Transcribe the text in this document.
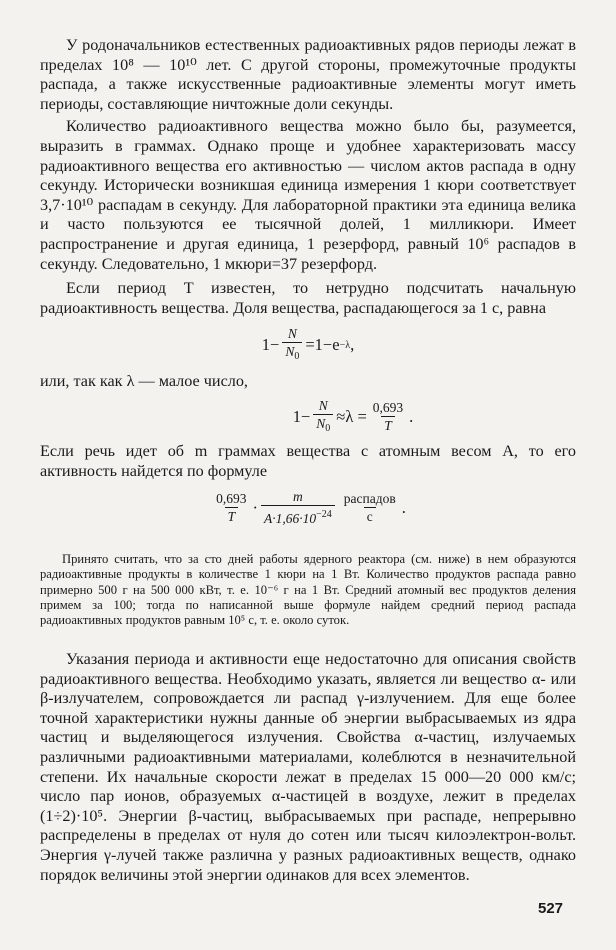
У родоначальников естественных радиоактивных рядов периоды лежат в пределах 10⁸ — 10¹⁰ лет. С другой стороны, промежуточные продукты распада, а также искусственные радиоактивные элементы могут иметь периоды, составляющие ничтожные доли секунды.

Количество радиоактивного вещества можно было бы, разумеется, выразить в граммах. Однако проще и удобнее характеризовать массу радиоактивного вещества его активностью — числом актов распада в одну секунду. Исторически возникшая единица измерения 1 кюри соответствует 3,7·10¹⁰ распадам в секунду. Для лабораторной практики эта единица велика и часто пользуются ее тысячной долей, 1 милликюри. Имеет распространение и другая единица, 1 резерфорд, равный 10⁶ распадов в секунду. Следовательно, 1 мкюри=37 резерфорд.

Если период T известен, то нетрудно подсчитать начальную радиоактивность вещества. Доля вещества, распадающегося за 1 с, равна

$1 - \frac{N}{N_0} =1-e -\lambda$ ,

или, так как λ — малое число,

$1 - \frac{N}{N_0} \approx\lambda = \frac{0,693}{T}$ .

Если речь идет об m граммах вещества с атомным весом A, то его активность найдется по формуле

$\frac{0,693}{T} \cdot \frac{m}{A\cdot 1,66\cdot 10^{-24}} \frac{\text{распадов}}{с}$ .

Принято считать, что за сто дней работы ядерного реактора (см. ниже) в нем образуются радиоактивные продукты в количестве 1 кюри на 1 Вт. Количество продуктов распада равно примерно 500 г на 500 000 кВт, т. е. 10⁻⁶ г на 1 Вт. Средний атомный вес продуктов деления примем за 100; тогда по написанной выше формуле найдем средний период распада радиоактивных продуктов равным 10⁵ с, т. е. около суток.

Указания периода и активности еще недостаточно для описания свойств радиоактивного вещества. Необходимо указать, является ли вещество α- или β-излучателем, сопровождается ли распад γ-излучением. Для еще более точной характеристики нужны данные об энергии выбрасываемых из ядра частиц и выделяющегося излучения. Свойства α-частиц, излучаемых различными радиоактивными материалами, колеблются в незначительной степени. Их начальные скорости лежат в пределах 15 000—20 000 км/с; число пар ионов, образуемых α-частицей в воздухе, лежит в пределах (1÷2)·10⁵. Энергии β-частиц, выбрасываемых при распаде, непрерывно распределены в пределах от нуля до сотен или тысяч килоэлектрон-вольт. Энергия γ-лучей также различна у разных радиоактивных веществ, однако порядок величины этой энергии одинаков для всех элементов.

527
